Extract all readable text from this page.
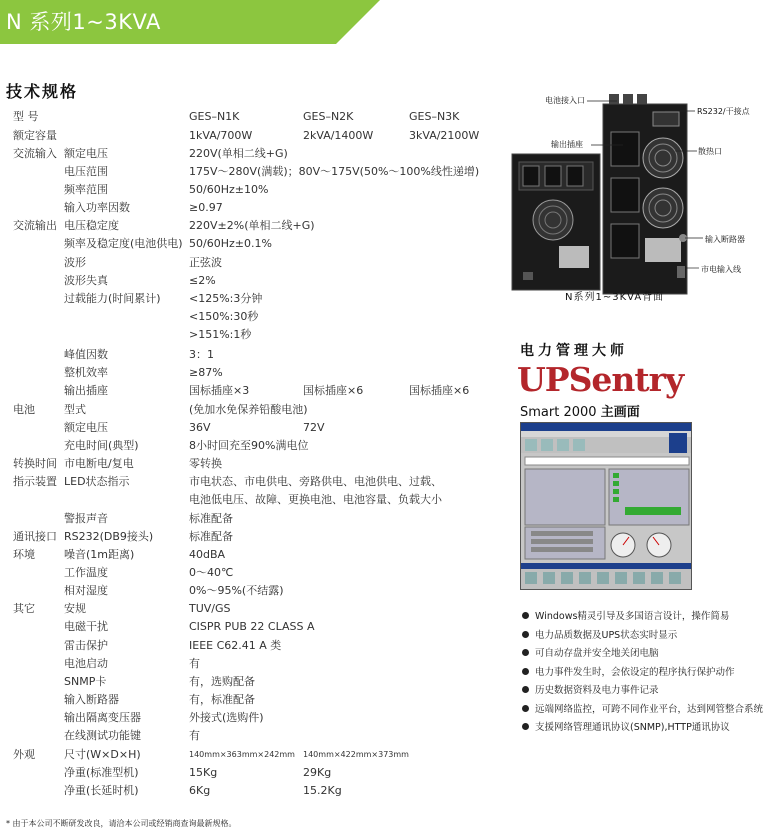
N 系列1~3KVA
技术规格
型 号	GES–N1K	GES–N2K	GES–N3K
额定容量	1kVA/700W	2kVA/1400W	3kVA/2100W
交流输入 额定电压	220V(单相二线+G)
电压范围	175V～280V(满载)；80V～175V(50%～100%线性递增)
频率范围	50/60Hz±10%
输入功率因数	≥0.97
交流输出 电压稳定度	220V±2%(单相二线+G)
频率及稳定度(电池供电) 50/60Hz±0.1%
波形	正弦波
波形失真	≤2%
过载能力(时间累计)	<125%:3分钟
<150%:30秒
>151%:1秒
峰值因数	3：1
整机效率	≥87%
输出插座	国标插座×3	国标插座×6	国标插座×6
电池	型式	(免加水免保养铅酸电池)
额定电压	36V	72V
充电时间(典型)	8小时回充至90%满电位
转换时间 市电断电/复电	零转换
指示装置 LED状态指示	市电状态、市电供电、旁路供电、电池供电、过载、
电池低电压、故障、更换电池、电池容量、负载大小
警报声音	标准配备
通讯接口 RS232(DB9接头)	标准配备
环境	噪音(1m距离)	40dBA
工作温度	0～40℃
相对湿度	0%～95%(不结露)
其它	安规	TUV/GS
电磁干扰	CISPR PUB 22 CLASS A
雷击保护	IEEE C62.41 A 类
电池启动	有
SNMP卡	有，选购配备
输入断路器	有，标准配备
输出隔离变压器	外接式(选购件)
在线测试功能键	有
外观	尺寸(W×D×H)	140mm×363mm×242mm 140mm×422mm×373mm
净重(标准型机)	15Kg	29Kg
净重(长延时机)	6Kg	15.2Kg
* 由于本公司不断研发改良，请洽本公司或经销商查询最新规格。
电池接入口
RS232/干接点
输出插座
散热口
输入断路器
市电输入线
N系列1~3KVA背面
电力管理大师
UPSentry
Smart 2000 主画面
Windows精灵引导及多国语言设计，操作简易
电力品质数据及UPS状态实时显示
可自动存盘并安全地关闭电脑
电力事件发生时，会依设定的程序执行保护动作
历史数据资料及电力事件记录
远端网络监控，可跨不同作业平台，达到网管整合系统
支援网络管理通讯协议(SNMP),HTTP通讯协议
